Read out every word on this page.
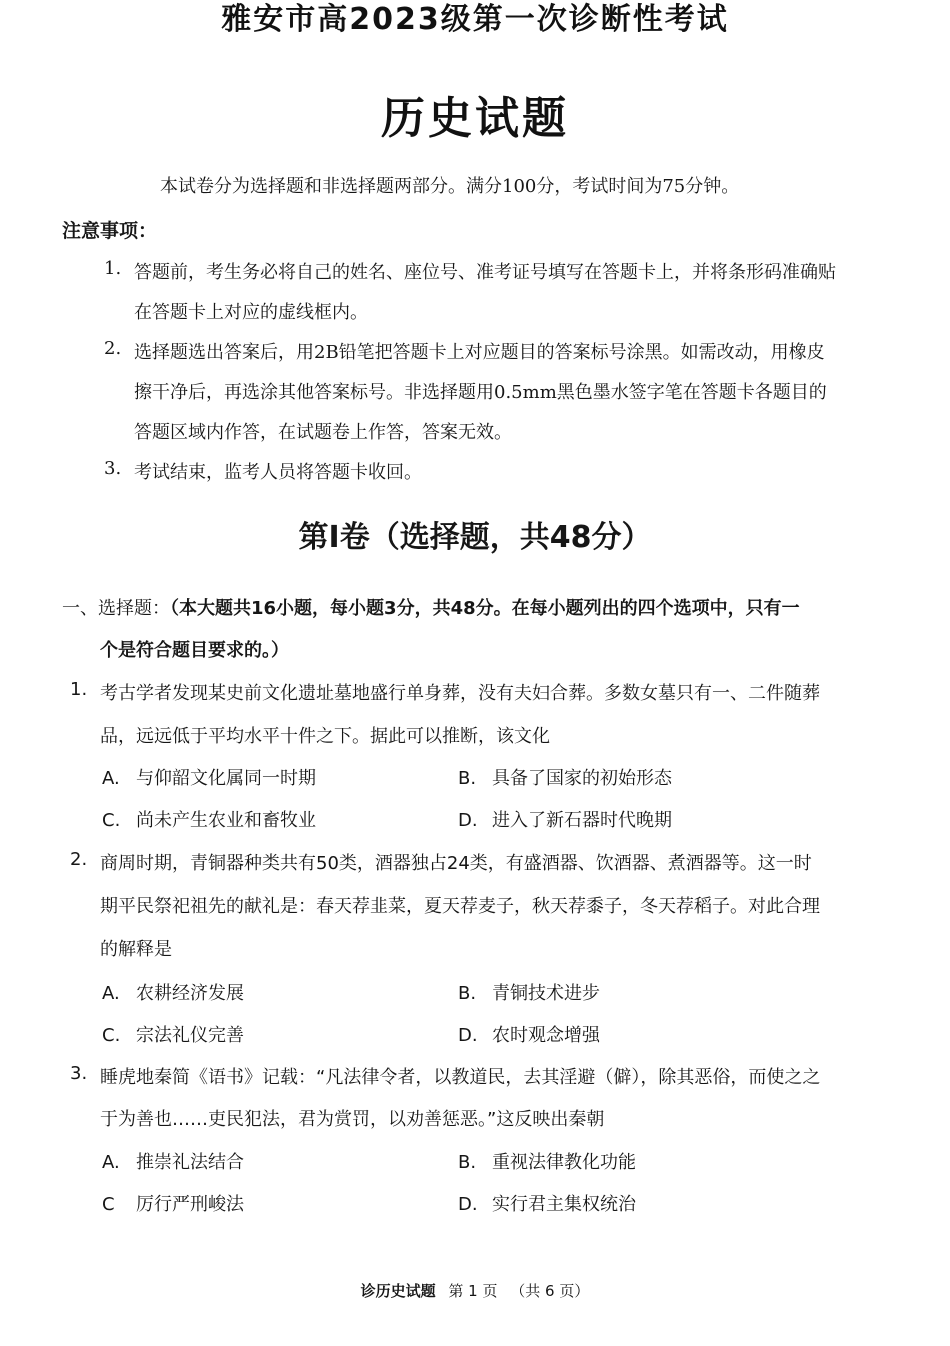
雅安市高2023级第一次诊断性考试
历史试题
本试卷分为选择题和非选择题两部分。满分100分，考试时间为75分钟。
注意事项：
1. 答题前，考生务必将自己的姓名、座位号、准考证号填写在答题卡上，并将条形码准确贴
在答题卡上对应的虚线框内。
2. 选择题选出答案后，用2B铅笔把答题卡上对应题目的答案标号涂黑。如需改动，用橡皮
擦干净后，再选涂其他答案标号。非选择题用0.5mm黑色墨水签字笔在答题卡各题目的
答题区域内作答，在试题卷上作答，答案无效。
3. 考试结束，监考人员将答题卡收回。
第Ⅰ卷（选择题，共48分）
一、选择题：（本大题共16小题，每小题3分，共48分。在每小题列出的四个选项中，只有一
个是符合题目要求的。）
1. 考古学者发现某史前文化遗址墓地盛行单身葬，没有夫妇合葬。多数女墓只有一、二件随葬
品，远远低于平均水平十件之下。据此可以推断，该文化
A. 与仰韶文化属同一时期	B. 具备了国家的初始形态
C. 尚未产生农业和畜牧业	D. 进入了新石器时代晚期
2. 商周时期，青铜器种类共有50类，酒器独占24类，有盛酒器、饮酒器、煮酒器等。这一时
期平民祭祀祖先的献礼是：春天荐韭菜，夏天荐麦子，秋天荐黍子，冬天荐稻子。对此合理
的解释是
A. 农耕经济发展	B. 青铜技术进步
C. 宗法礼仪完善	D. 农时观念增强
3. 睡虎地秦简《语书》记载：“凡法律令者，以教道民，去其淫避（僻），除其恶俗，而使之之
于为善也……吏民犯法，君为赏罚，以劝善惩恶。”这反映出秦朝
A. 推崇礼法结合	B. 重视法律教化功能
C 厉行严刑峻法	D. 实行君主集权统治
诊历史试题 第 1 页 （共 6 页）
